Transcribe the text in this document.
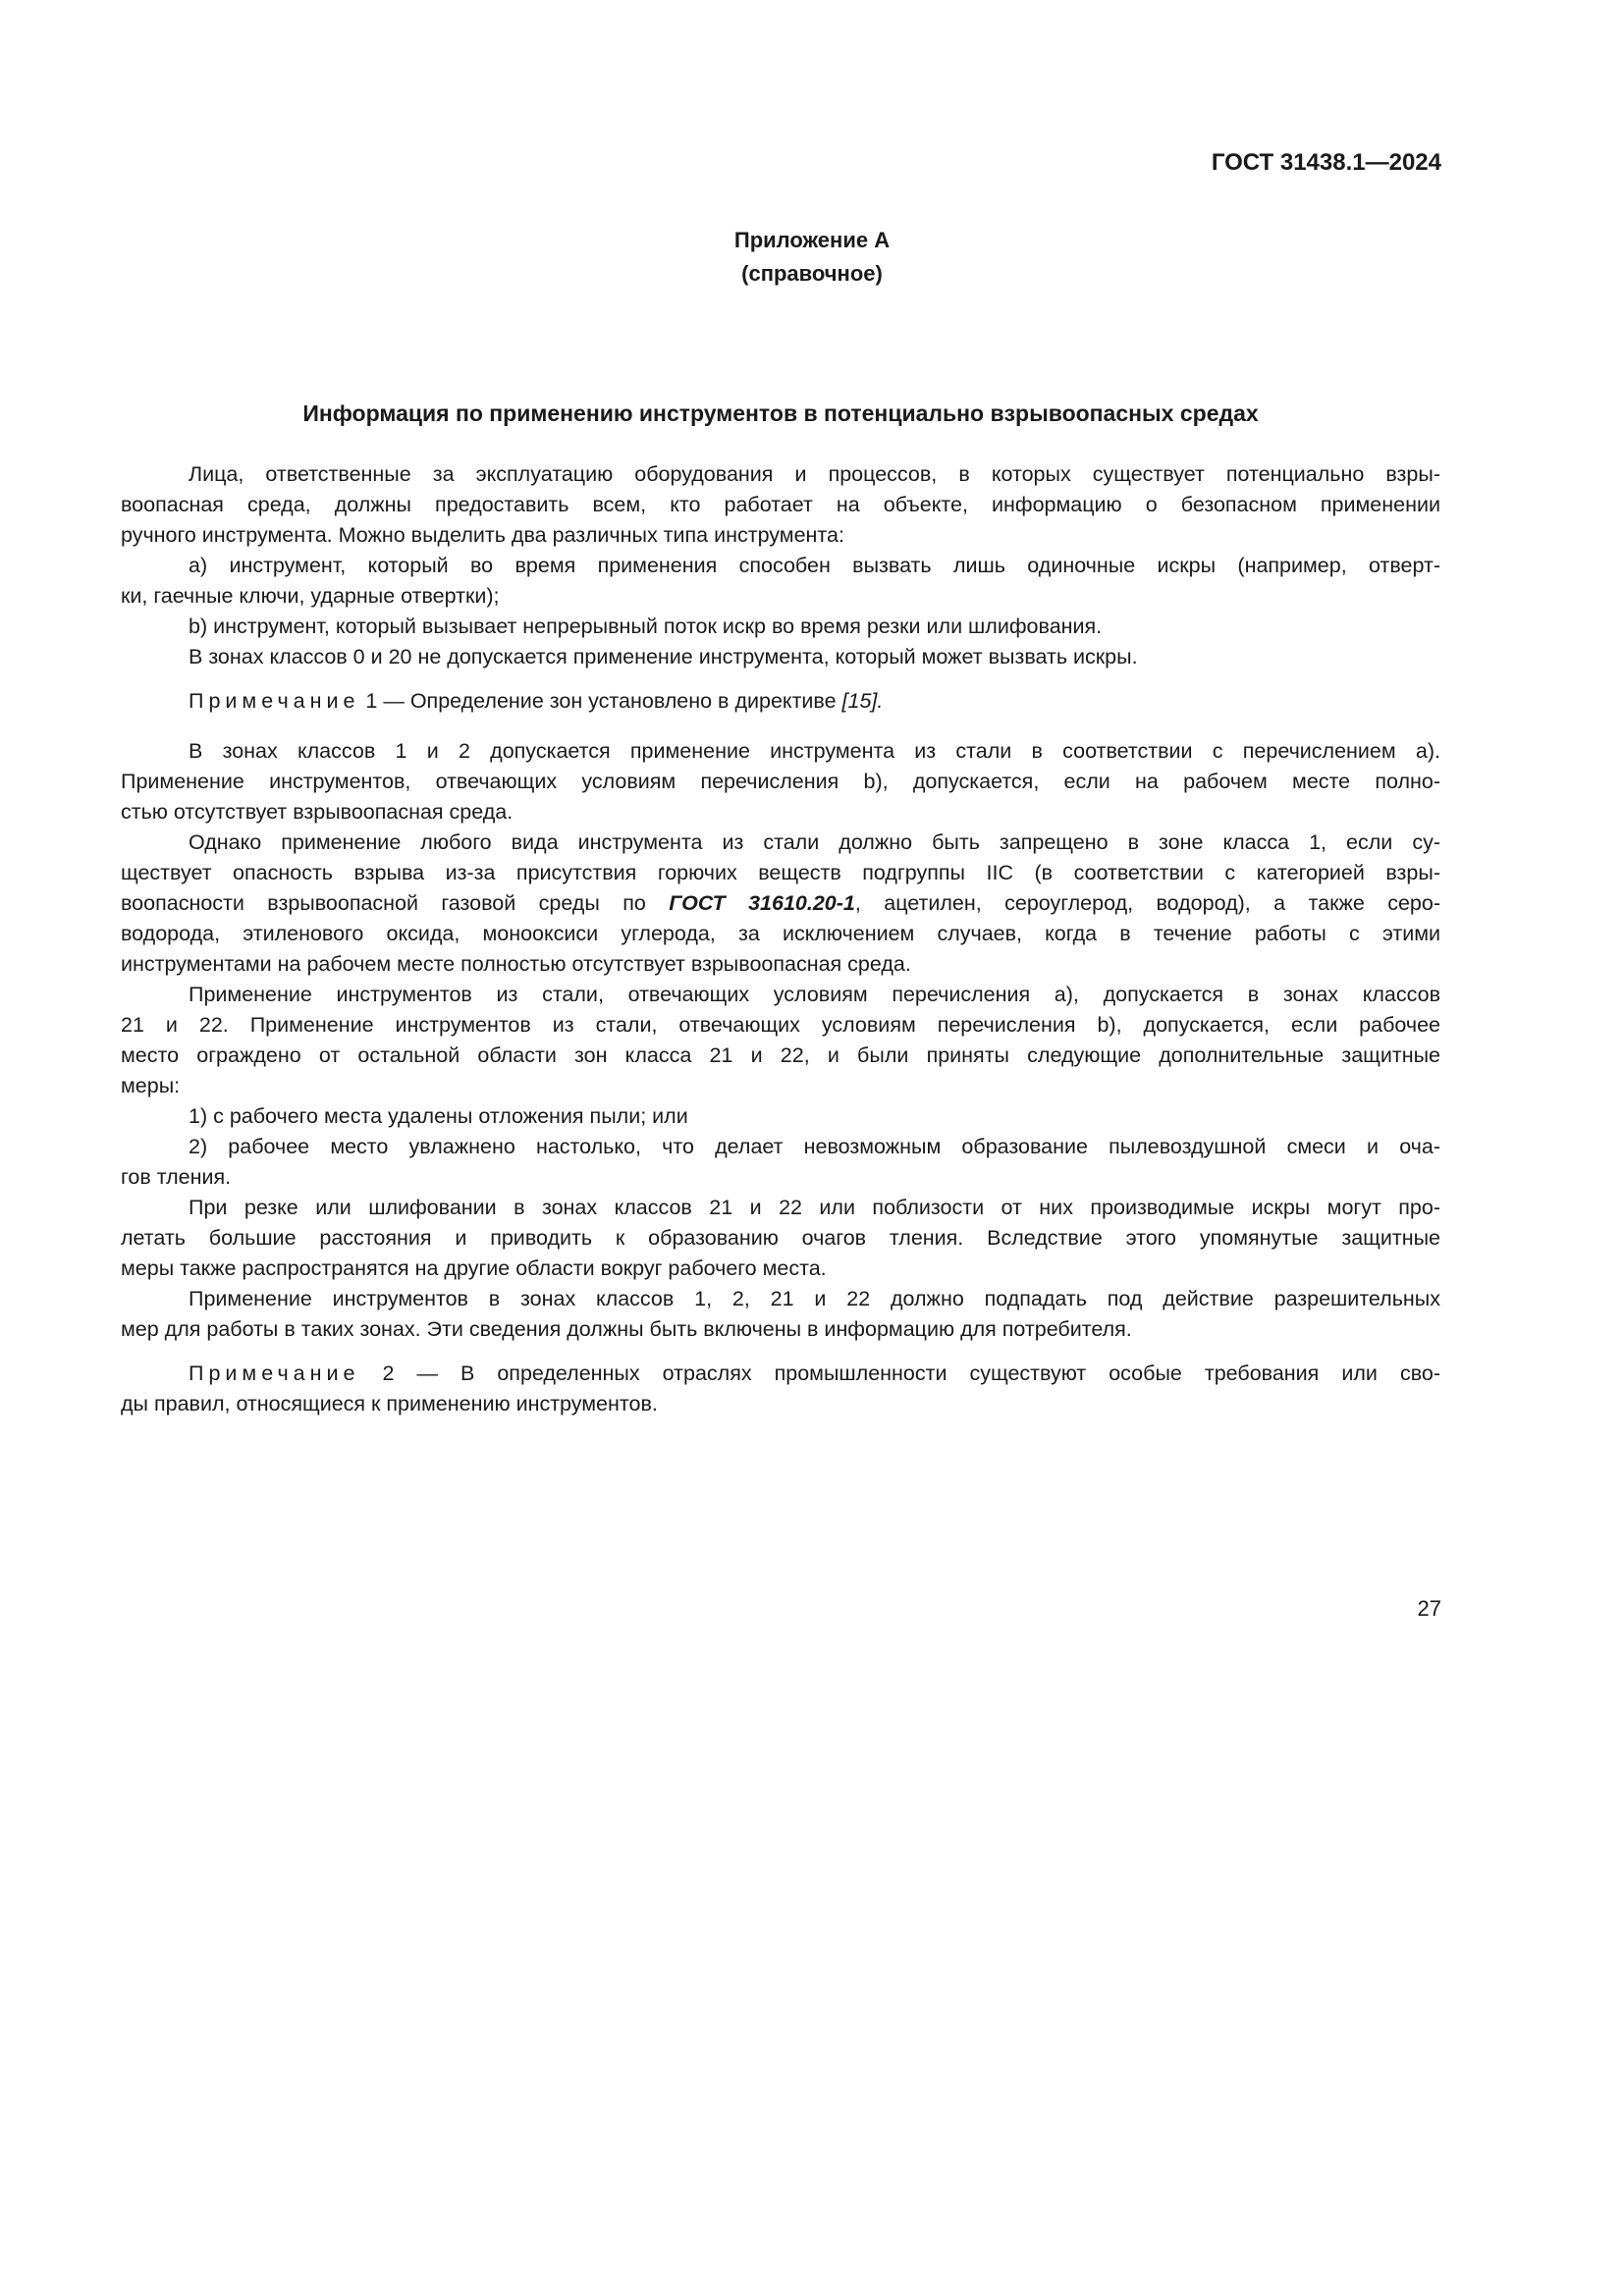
ГОСТ 31438.1—2024
Приложение А
(справочное)
Информация по применению инструментов в потенциально взрывоопасных средах
Лица, ответственные за эксплуатацию оборудования и процессов, в которых существует потенциально взры-
воопасная среда, должны предоставить всем, кто работает на объекте, информацию о безопасном применении
ручного инструмента. Можно выделить два различных типа инструмента:
a) инструмент, который во время применения способен вызвать лишь одиночные искры (например, отверт-
ки, гаечные ключи, ударные отвертки);
b) инструмент, который вызывает непрерывный поток искр во время резки или шлифования.
В зонах классов 0 и 20 не допускается применение инструмента, который может вызвать искры.
Примечание 1 — Определение зон установлено в директиве [15].
В зонах классов 1 и 2 допускается применение инструмента из стали в соответствии с перечислением а).
Применение инструментов, отвечающих условиям перечисления b), допускается, если на рабочем месте полно-
стью отсутствует взрывоопасная среда.
Однако применение любого вида инструмента из стали должно быть запрещено в зоне класса 1, если су-
ществует опасность взрыва из-за присутствия горючих веществ подгруппы IIC (в соответствии с категорией взры-
воопасности взрывоопасной газовой среды по ГОСТ 31610.20-1, ацетилен, сероуглерод, водород), а также серо-
водорода, этиленового оксида, монооксиси углерода, за исключением случаев, когда в течение работы с этими
инструментами на рабочем месте полностью отсутствует взрывоопасная среда.
Применение инструментов из стали, отвечающих условиям перечисления а), допускается в зонах классов
21 и 22. Применение инструментов из стали, отвечающих условиям перечисления b), допускается, если рабочее
место ограждено от остальной области зон класса 21 и 22, и были приняты следующие дополнительные защитные
меры:
1) с рабочего места удалены отложения пыли; или
2) рабочее место увлажнено настолько, что делает невозможным образование пылевоздушной смеси и оча-
гов тления.
При резке или шлифовании в зонах классов 21 и 22 или поблизости от них производимые искры могут про-
летать большие расстояния и приводить к образованию очагов тления. Вследствие этого упомянутые защитные
меры также распространятся на другие области вокруг рабочего места.
Применение инструментов в зонах классов 1, 2, 21 и 22 должно подпадать под действие разрешительных
мер для работы в таких зонах. Эти сведения должны быть включены в информацию для потребителя.
Примечание 2 — В определенных отраслях промышленности существуют особые требования или сво-
ды правил, относящиеся к применению инструментов.
27
